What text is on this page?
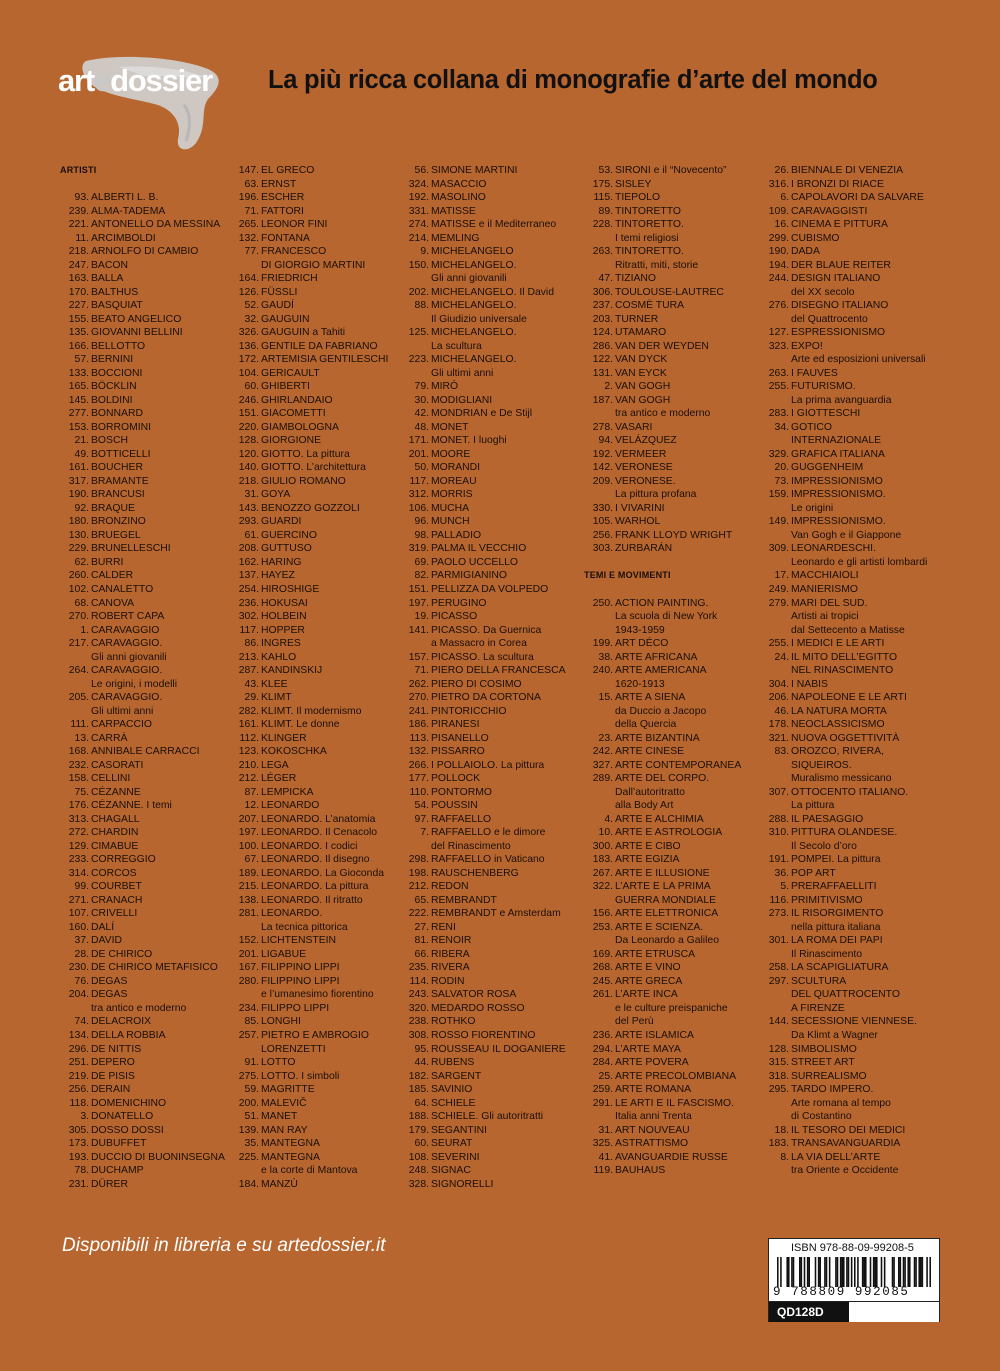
artedossier La più ricca collana di monografie d’arte del mondo
ARTISTI
93. ALBERTI L. B.
239. ALMA-TADEMA
221. ANTONELLO DA MESSINA
11. ARCIMBOLDI
218. ARNOLFO DI CAMBIO
247. BACON
163. BALLA
170. BALTHUS
227. BASQUIAT
155. BEATO ANGELICO
135. GIOVANNI BELLINI
166. BELLOTTO
57. BERNINI
133. BOCCIONI
165. BÖCKLIN
145. BOLDINI
277. BONNARD
153. BORROMINI
21. BOSCH
49. BOTTICELLI
161. BOUCHER
317. BRAMANTE
190. BRANCUSI
92. BRAQUE
180. BRONZINO
130. BRUEGEL
229. BRUNELLESCHI
62. BURRI
260. CALDER
102. CANALETTO
68. CANOVA
270. ROBERT CAPA
1. CARAVAGGIO
217. CARAVAGGIO.
Gli anni giovanili
264. CARAVAGGIO.
Le origini, i modelli
205. CARAVAGGIO.
Gli ultimi anni
111. CARPACCIO
13. CARRÀ
168. ANNIBALE CARRACCI
232. CASORATI
158. CELLINI
75. CÉZANNE
176. CÉZANNE. I temi
313. CHAGALL
272. CHARDIN
129. CIMABUE
233. CORREGGIO
314. CORCOS
99. COURBET
271. CRANACH
107. CRIVELLI
160. DALÍ
37. DAVID
28. DE CHIRICO
230. DE CHIRICO METAFISICO
76. DEGAS
204. DEGAS
tra antico e moderno
74. DELACROIX
134. DELLA ROBBIA
296. DE NITTIS
251. DEPERO
219. DE PISIS
256. DERAIN
118. DOMENICHINO
3. DONATELLO
305. DOSSO DOSSI
173. DUBUFFET
193. DUCCIO DI BUONINSEGNA
78. DUCHAMP
231. DÜRER
147. EL GRECO
63. ERNST
196. ESCHER
71. FATTORI
265. LEONOR FINI
132. FONTANA
77. FRANCESCO
DI GIORGIO MARTINI
164. FRIEDRICH
126. FÜSSLI
52. GAUDÍ
32. GAUGUIN
326. GAUGUIN a Tahiti
136. GENTILE DA FABRIANO
172. ARTEMISIA GENTILESCHI
104. GERICAULT
60. GHIBERTI
246. GHIRLANDAIO
151. GIACOMETTI
220. GIAMBOLOGNA
128. GIORGIONE
120. GIOTTO. La pittura
140. GIOTTO. L’architettura
218. GIULIO ROMANO
31. GOYA
143. BENOZZO GOZZOLI
293. GUARDI
61. GUERCINO
208. GUTTUSO
162. HARING
137. HAYEZ
254. HIROSHIGE
236. HOKUSAI
302. HOLBEIN
117. HOPPER
86. INGRES
213. KAHLO
287. KANDINSKIJ
43. KLEE
29. KLIMT
282. KLIMT. Il modernismo
161. KLIMT. Le donne
112. KLINGER
123. KOKOSCHKA
210. LEGA
212. LÉGER
87. LEMPICKA
12. LEONARDO
207. LEONARDO. L’anatomia
197. LEONARDO. Il Cenacolo
100. LEONARDO. I codici
67. LEONARDO. Il disegno
189. LEONARDO. La Gioconda
215. LEONARDO. La pittura
138. LEONARDO. Il ritratto
281. LEONARDO.
La tecnica pittorica
152. LICHTENSTEIN
201. LIGABUE
167. FILIPPINO LIPPI
280. FILIPPINO LIPPI
e l’umanesimo fiorentino
234. FILIPPO LIPPI
85. LONGHI
257. PIETRO E AMBROGIO
LORENZETTI
91. LOTTO
275. LOTTO. I simboli
59. MAGRITTE
200. MALEVIČ
51. MANET
139. MAN RAY
35. MANTEGNA
225. MANTEGNA
e la corte di Mantova
184. MANZÙ
56. SIMONE MARTINI
324. MASACCIO
192. MASOLINO
331. MATISSE
274. MATISSE e il Mediterraneo
214. MEMLING
9. MICHELANGELO
150. MICHELANGELO.
Gli anni giovanili
202. MICHELANGELO. Il David
88. MICHELANGELO.
Il Giudizio universale
125. MICHELANGELO.
La scultura
223. MICHELANGELO.
Gli ultimi anni
79. MIRÓ
30. MODIGLIANI
42. MONDRIAN e De Stijl
48. MONET
171. MONET. I luoghi
201. MOORE
50. MORANDI
117. MOREAU
312. MORRIS
106. MUCHA
96. MUNCH
98. PALLADIO
319. PALMA IL VECCHIO
69. PAOLO UCCELLO
82. PARMIGIANINO
151. PELLIZZA DA VOLPEDO
197. PERUGINO
19. PICASSO
141. PICASSO. Da Guernica
a Massacro in Corea
157. PICASSO. La scultura
71. PIERO DELLA FRANCESCA
262. PIERO DI COSIMO
270. PIETRO DA CORTONA
241. PINTORICCHIO
186. PIRANESI
113. PISANELLO
132. PISSARRO
266. I POLLAIOLO. La pittura
177. POLLOCK
110. PONTORMO
54. POUSSIN
97. RAFFAELLO
7. RAFFAELLO e le dimore
del Rinascimento
298. RAFFAELLO in Vaticano
198. RAUSCHENBERG
212. REDON
65. REMBRANDT
222. REMBRANDT e Amsterdam
27. RENI
81. RENOIR
66. RIBERA
235. RIVERA
114. RODIN
243. SALVATOR ROSA
320. MEDARDO ROSSO
238. ROTHKO
308. ROSSO FIORENTINO
95. ROUSSEAU IL DOGANIERE
44. RUBENS
182. SARGENT
185. SAVINIO
64. SCHIELE
188. SCHIELE. Gli autoritratti
179. SEGANTINI
60. SEURAT
108. SEVERINI
248. SIGNAC
328. SIGNORELLI
53. SIRONI e il “Novecento”
175. SISLEY
115. TIEPOLO
89. TINTORETTO
228. TINTORETTO.
I temi religiosi
263. TINTORETTO.
Ritratti, miti, storie
47. TIZIANO
306. TOULOUSE-LAUTREC
237. COSMÈ TURA
203. TURNER
124. UTAMARO
286. VAN DER WEYDEN
122. VAN DYCK
131. VAN EYCK
2. VAN GOGH
187. VAN GOGH
tra antico e moderno
278. VASARI
94. VELÁZQUEZ
192. VERMEER
142. VERONESE
209. VERONESE.
La pittura profana
330. I VIVARINI
105. WARHOL
256. FRANK LLOYD WRIGHT
303. ZURBARÁN
TEMI E MOVIMENTI
250. ACTION PAINTING.
La scuola di New York
1943-1959
199. ART DÉCO
38. ARTE AFRICANA
240. ARTE AMERICANA
1620-1913
15. ARTE A SIENA
da Duccio a Jacopo
della Quercia
23. ARTE BIZANTINA
242. ARTE CINESE
327. ARTE CONTEMPORANEA
289. ARTE DEL CORPO.
Dall’autoritratto
alla Body Art
4. ARTE E ALCHIMIA
10. ARTE E ASTROLOGIA
300. ARTE E CIBO
183. ARTE EGIZIA
267. ARTE E ILLUSIONE
322. L’ARTE E LA PRIMA
GUERRA MONDIALE
156. ARTE ELETTRONICA
253. ARTE E SCIENZA.
Da Leonardo a Galileo
169. ARTE ETRUSCA
268. ARTE E VINO
245. ARTE GRECA
261. L’ARTE INCA
e le culture preispaniche
del Perù
236. ARTE ISLAMICA
294. L’ARTE MAYA
284. ARTE POVERA
25. ARTE PRECOLOMBIANA
259. ARTE ROMANA
291. LE ARTI E IL FASCISMO.
Italia anni Trenta
31. ART NOUVEAU
325. ASTRATTISMO
41. AVANGUARDIE RUSSE
119. BAUHAUS
26. BIENNALE DI VENEZIA
316. I BRONZI DI RIACE
6. CAPOLAVORI DA SALVARE
109. CARAVAGGISTI
16. CINEMA E PITTURA
299. CUBISMO
190. DADA
194. DER BLAUE REITER
244. DESIGN ITALIANO
del XX secolo
276. DISEGNO ITALIANO
del Quattrocento
127. ESPRESSIONISMO
323. EXPO!
Arte ed esposizioni universali
263. I FAUVES
255. FUTURISMO.
La prima avanguardia
283. I GIOTTESCHI
34. GOTICO
INTERNAZIONALE
329. GRAFICA ITALIANA
20. GUGGENHEIM
73. IMPRESSIONISMO
159. IMPRESSIONISMO.
Le origini
149. IMPRESSIONISMO.
Van Gogh e il Giappone
309. LEONARDESCHI.
Leonardo e gli artisti lombardi
17. MACCHIAIOLI
249. MANIERISMO
279. MARI DEL SUD.
Artisti ai tropici
dal Settecento a Matisse
255. I MEDICI E LE ARTI
24. IL MITO DELL’EGITTO
NEL RINASCIMENTO
304. I NABIS
206. NAPOLEONE E LE ARTI
46. LA NATURA MORTA
178. NEOCLASSICISMO
321. NUOVA OGGETTIVITÀ
83. OROZCO, RIVERA,
SIQUEIROS.
Muralismo messicano
307. OTTOCENTO ITALIANO.
La pittura
288. IL PAESAGGIO
310. PITTURA OLANDESE.
Il Secolo d’oro
191. POMPEI. La pittura
36. POP ART
5. PRERAFFAELLITI
116. PRIMITIVISMO
273. IL RISORGIMENTO
nella pittura italiana
301. LA ROMA DEI PAPI
Il Rinascimento
258. LA SCAPIGLIATURA
297. SCULTURA
DEL QUATTROCENTO
A FIRENZE
144. SECESSIONE VIENNESE.
Da Klimt a Wagner
128. SIMBOLISMO
315. STREET ART
318. SURREALISMO
295. TARDO IMPERO.
Arte romana al tempo
di Costantino
18. IL TESORO DEI MEDICI
183. TRANSAVANGUARDIA
8. LA VIA DELL’ARTE
tra Oriente e Occidente
Disponibili in libreria e su artedossier.it	ISBN 978-88-09-99208-5
9 788809 992085
QD128D
